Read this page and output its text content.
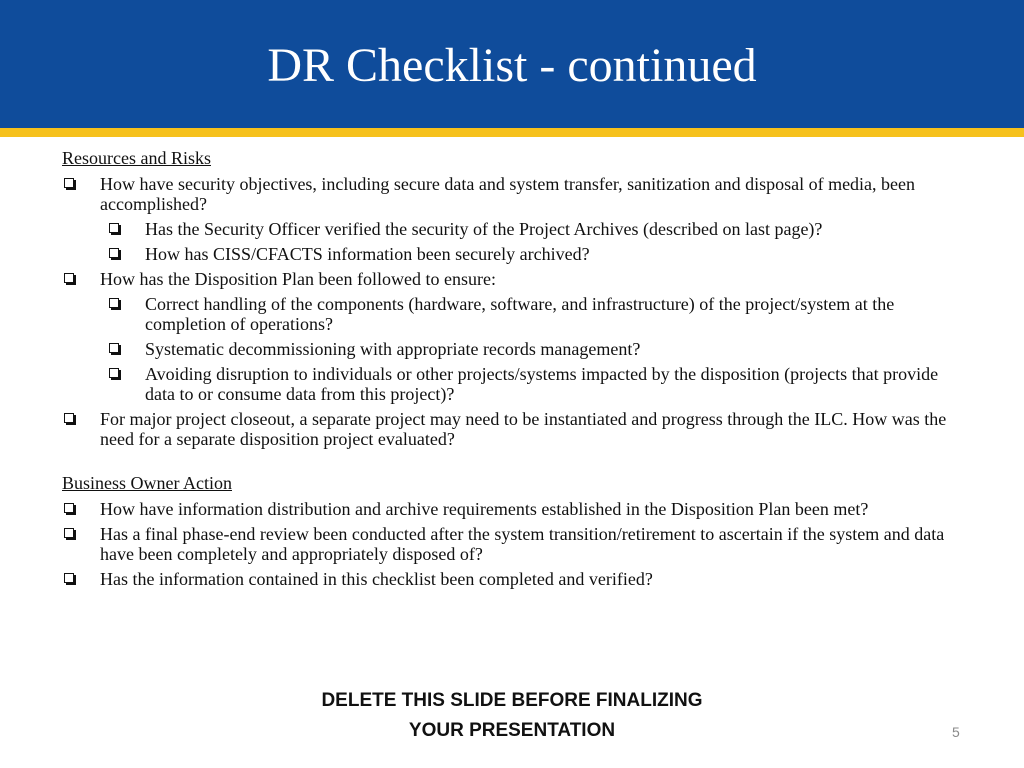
DR Checklist - continued
Resources and Risks
How have security objectives, including secure data and system transfer, sanitization and disposal of media, been accomplished?
Has the Security Officer verified the security of the Project Archives (described on last page)?
How has CISS/CFACTS information been securely archived?
How has the Disposition Plan been followed to ensure:
Correct handling of the components (hardware, software, and infrastructure) of the project/system at the completion of operations?
Systematic decommissioning with appropriate records management?
Avoiding disruption to individuals or other projects/systems impacted by the disposition (projects that provide data to or consume data from this project)?
For major project closeout, a separate project may need to be instantiated and progress through the ILC. How was the need for a separate disposition project evaluated?
Business Owner Action
How have information distribution and archive requirements established in the Disposition Plan been met?
Has a final phase-end review been conducted after the system transition/retirement to ascertain if the system and data have been completely and appropriately disposed of?
Has the information contained in this checklist been completed and verified?
DELETE THIS SLIDE BEFORE FINALIZING
YOUR PRESENTATION	5
